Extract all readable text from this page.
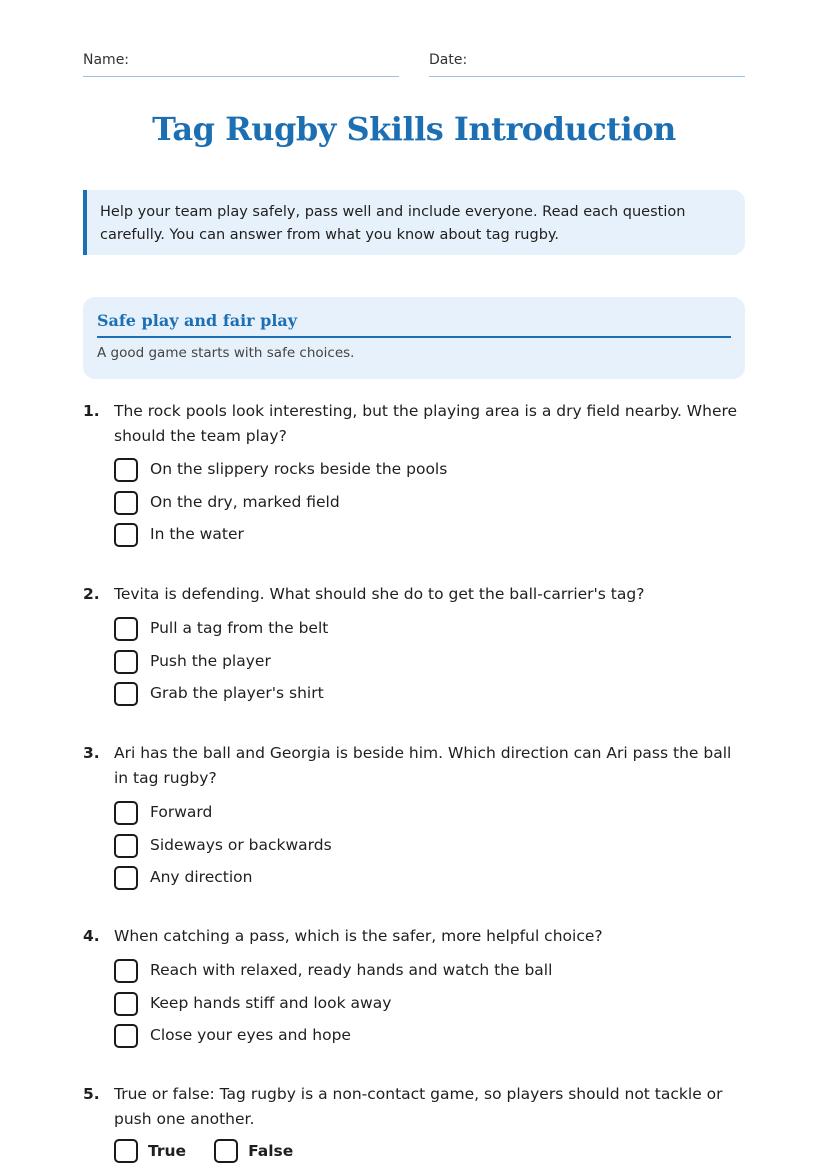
Name:	Date:
Tag Rugby Skills Introduction
Help your team play safely, pass well and include everyone. Read each question carefully. You can answer from what you know about tag rugby.
Safe play and fair play
A good game starts with safe choices.
1. The rock pools look interesting, but the playing area is a dry field nearby. Where should the team play?
On the slippery rocks beside the pools
On the dry, marked field
In the water
2. Tevita is defending. What should she do to get the ball-carrier's tag?
Pull a tag from the belt
Push the player
Grab the player's shirt
3. Ari has the ball and Georgia is beside him. Which direction can Ari pass the ball in tag rugby?
Forward
Sideways or backwards
Any direction
4. When catching a pass, which is the safer, more helpful choice?
Reach with relaxed, ready hands and watch the ball
Keep hands stiff and look away
Close your eyes and hope
5. True or false: Tag rugby is a non-contact game, so players should not tackle or push one another.
True	False
